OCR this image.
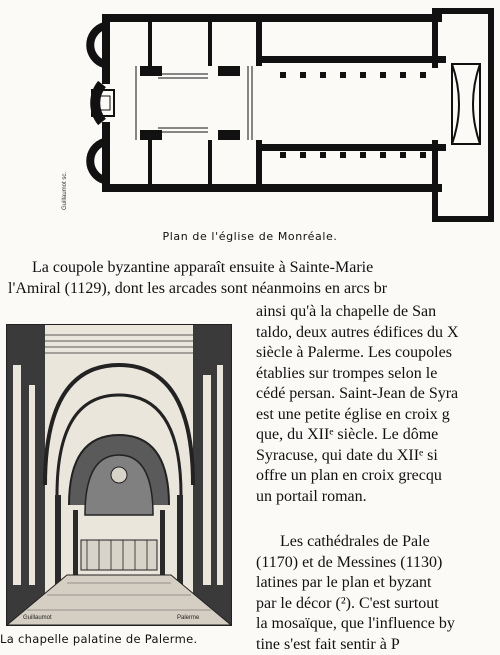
Guillaumot sc.
Plan de l'église de Monréale.
La coupole byzantine apparaît ensuite à Sainte-Marie
l'Amiral (1129), dont les arcades sont néanmoins en arcs br
Guillaumot	Palerme
ainsi qu'à la chapelle de San
taldo, deux autres édifices du X
siècle à Palerme. Les coupoles
établies sur trompes selon le
cédé persan. Saint-Jean de Syra
est une petite église en croix g
que, du XIIᵉ siècle. Le dôme
Syracuse, qui date du XIIᵉ si
offre un plan en croix grecqu
un portail roman.
Les cathédrales de Pale
(1170) et de Messines (1130)
latines par le plan et byzant
par le décor (²). C'est surtout
la mosaïque, que l'influence by
tine s'est fait sentir à P
La chapelle palatine de Palerme.
